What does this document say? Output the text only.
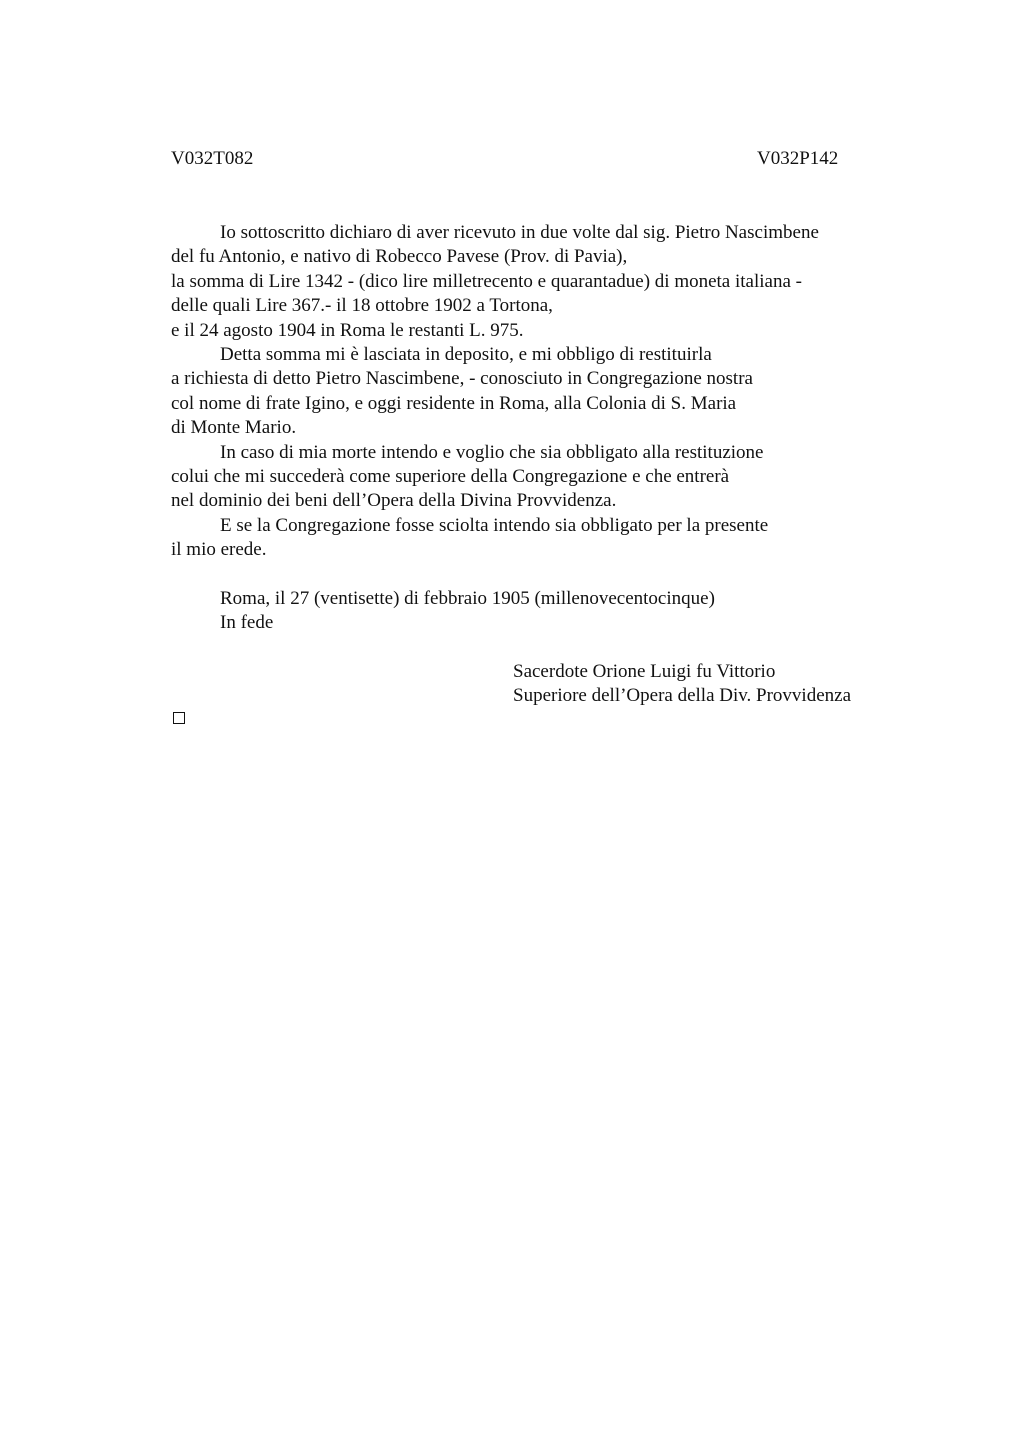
V032T082	V032P142
Io sottoscritto dichiaro di aver ricevuto in due volte dal sig. Pietro Nascimbene
del fu Antonio, e nativo di Robecco Pavese (Prov. di Pavia),
la somma di Lire 1342 - (dico lire milletrecento e quarantadue) di moneta italiana -
delle quali Lire 367.- il 18 ottobre 1902 a Tortona,
e il 24 agosto 1904 in Roma le restanti L. 975.
Detta somma mi è lasciata in deposito, e mi obbligo di restituirla
a richiesta di detto Pietro Nascimbene, - conosciuto in Congregazione nostra
col nome di frate Igino, e oggi residente in Roma, alla Colonia di S. Maria
di Monte Mario.
In caso di mia morte intendo e voglio che sia obbligato alla restituzione
colui che mi succederà come superiore della Congregazione e che entrerà
nel dominio dei beni dell’Opera della Divina Provvidenza.
E se la Congregazione fosse sciolta intendo sia obbligato per la presente
il mio erede.
Roma, il 27 (ventisette) di febbraio 1905 (millenovecentocinque)
In fede
Sacerdote Orione Luigi fu Vittorio
Superiore dell’Opera della Div. Provvidenza
